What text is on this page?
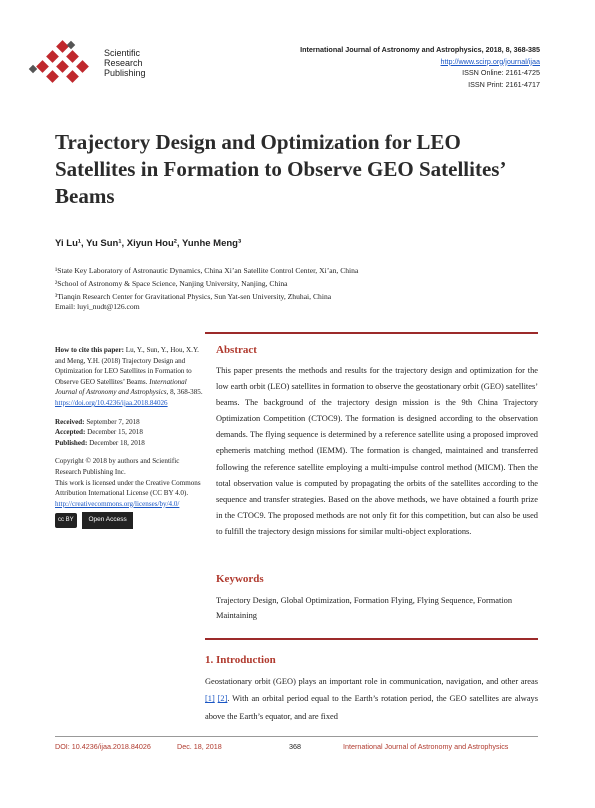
Scientific
Research
Publishing
International Journal of Astronomy and Astrophysics, 2018, 8, 368-385
http://www.scirp.org/journal/ijaa
ISSN Online: 2161-4725
ISSN Print: 2161-4717
Trajectory Design and Optimization for LEO Satellites in Formation to Observe GEO Satellites’ Beams
Yi Lu¹, Yu Sun¹, Xiyun Hou², Yunhe Meng³
¹State Key Laboratory of Astronautic Dynamics, China Xi’an Satellite Control Center, Xi’an, China
²School of Astronomy & Space Science, Nanjing University, Nanjing, China
³Tianqin Research Center for Gravitational Physics, Sun Yat-sen University, Zhuhai, China
Email: luyi_nudt@126.com

How to cite this paper: Lu, Y., Sun, Y., Hou, X.Y. and Meng, Y.H. (2018) Trajectory Design and Optimization for LEO Satellites in Formation to Observe GEO Satellites’ Beams. International Journal of Astronomy and Astrophysics, 8, 368-385.
https://doi.org/10.4236/ijaa.2018.84026

Received: September 7, 2018
Accepted: December 15, 2018
Published: December 18, 2018

Copyright © 2018 by authors and Scientific Research Publishing Inc.
This work is licensed under the Creative Commons Attribution International License (CC BY 4.0).
http://creativecommons.org/licenses/by/4.0/

cc BY Open Access
Abstract
This paper presents the methods and results for the trajectory design and optimization for the low earth orbit (LEO) satellites in formation to observe the geostationary orbit (GEO) satellites’ beams. The background of the trajectory design mission is the 9th China Trajectory Optimization Competition (CTOC9). The formation is designed according to the observation demands. The flying sequence is determined by a reference satellite using a proposed improved ephemeris matching method (IEMM). The formation is changed, maintained and transferred following the reference satellite employing a multi-impulse control method (MICM). Then the total observation value is computed by propagating the orbits of the satellites according to the sequence and transfer strategies. Based on the above methods, we have obtained a fourth prize in the CTOC9. The proposed methods are not only fit for this competition, but can also be used to fulfill the trajectory design missions for similar multi-object explorations.
Keywords
Trajectory Design, Global Optimization, Formation Flying, Flying Sequence, Formation Maintaining
1. Introduction
Geostationary orbit (GEO) plays an important role in communication, navigation, and other areas [1] [2]. With an orbital period equal to the Earth’s rotation period, the GEO satellites are always above the Earth’s equator, and are fixed
DOI: 10.4236/ijaa.2018.84026	Dec. 18, 2018	368	International Journal of Astronomy and Astrophysics
